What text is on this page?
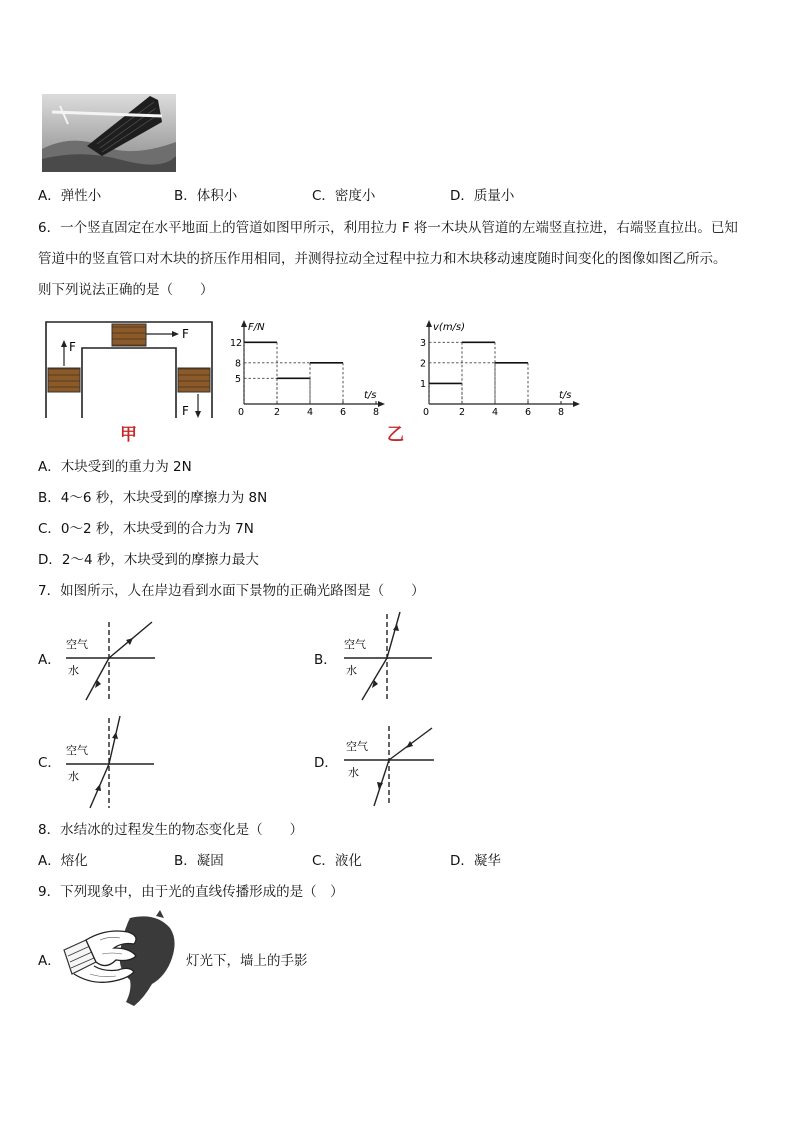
A．弹性小	B．体积小	C．密度小	D．质量小
6．一个竖直固定在水平地面上的管道如图甲所示，利用拉力 F 将一木块从管道的左端竖直拉进，右端竖直拉出。已知
管道中的竖直管口对木块的挤压作用相同，并测得拉动全过程中拉力和木块移动速度随时间变化的图像如图乙所示。
则下列说法正确的是（　　）
F
F
F
甲
F/N
t/s
0	2	4	6	8
5
8
12
v(m/s)
t/s
0	2	4	6	8
1
2
3
乙
A．木块受到的重力为 2N
B．4～6 秒，木块受到的摩擦力为 8N
C．0～2 秒，木块受到的合力为 7N
D．2～4 秒，木块受到的摩擦力最大
7．如图所示，人在岸边看到水面下景物的正确光路图是（　　）
A．
空气
水
B．
空气
水
C．
空气
水
D．
空气
水
8．水结冰的过程发生的物态变化是（　　）
A．熔化	B．凝固	C．液化	D．凝华
9．下列现象中，由于光的直线传播形成的是（　）
A．	灯光下，墙上的手影
